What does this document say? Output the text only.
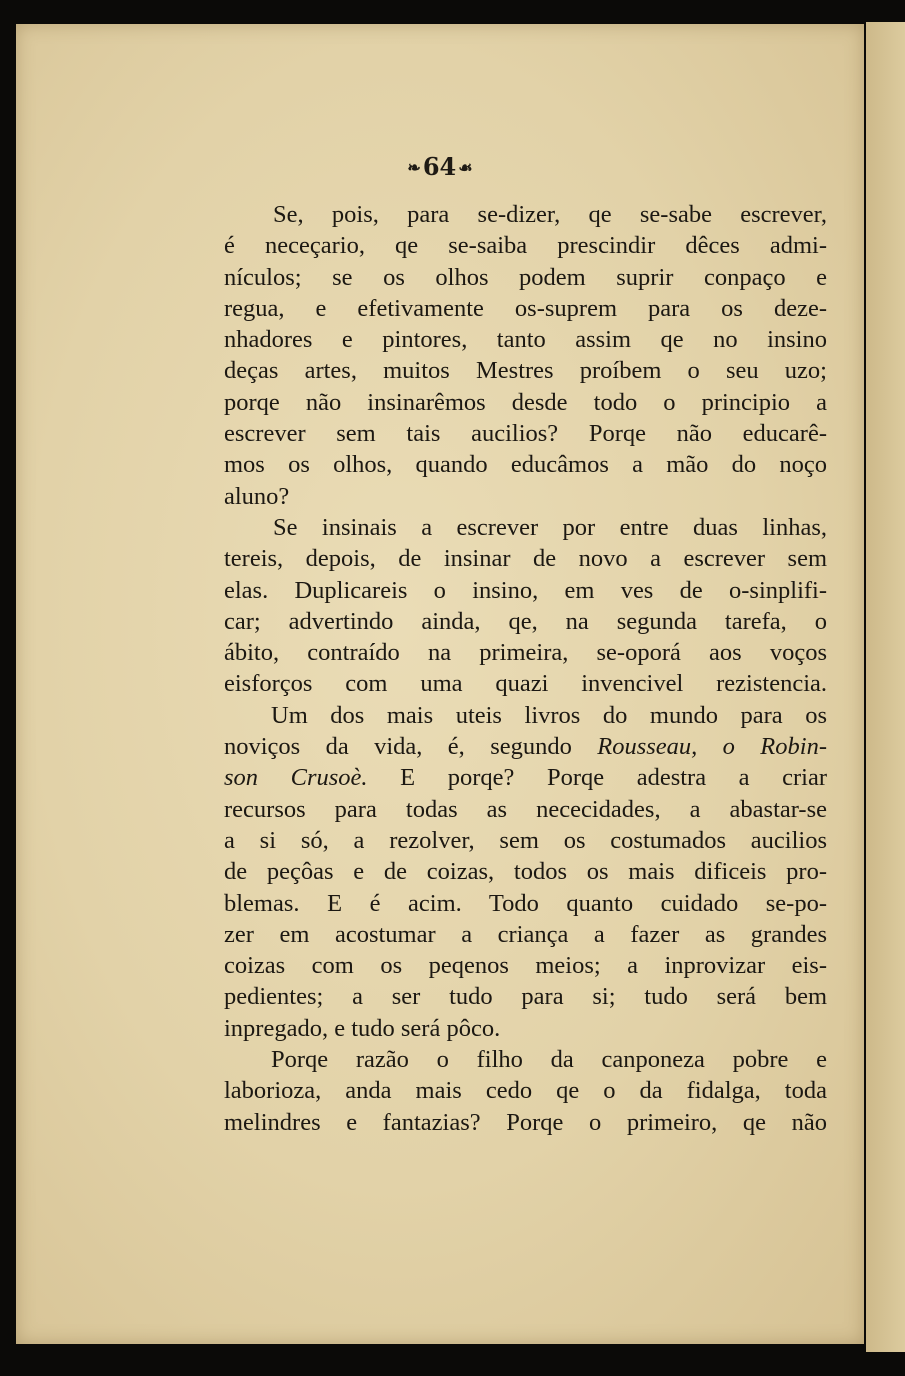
❧64 ☙
Se, pois, para se-dizer, qe se-sabe escrever,
é neceçario, qe se-saiba prescindir dêces admi-
nículos; se os olhos podem suprir conpaço e
regua, e efetivamente os-suprem para os deze-
nhadores e pintores, tanto assim qe no insino
deças artes, muitos Mestres proíbem o seu uzo;
porqe não insinarêmos desde todo o principio a
escrever sem tais aucilios? Porqe não educarê-
mos os olhos, quando educâmos a mão do noço
aluno?
Se insinais a escrever por entre duas linhas,
tereis, depois, de insinar de novo a escrever sem
elas. Duplicareis o insino, em ves de o-sinplifi-
car; advertindo ainda, qe, na segunda tarefa, o
ábito, contraído na primeira, se-oporá aos voços
eisforços com uma quazi invencivel rezistencia.
Um dos mais uteis livros do mundo para os
noviços da vida, é, segundo Rousseau, o Robin-
son Crusoè. E porqe? Porqe adestra a criar
recursos para todas as nececidades, a abastar-se
a si só, a rezolver, sem os costumados aucilios
de peçôas e de coizas, todos os mais dificeis pro-
blemas. E é acim. Todo quanto cuidado se-po-
zer em acostumar a criança a fazer as grandes
coizas com os peqenos meios; a inprovizar eis-
pedientes; a ser tudo para si; tudo será bem
inpregado, e tudo será pôco.
Porqe razão o filho da canponeza pobre e
laborioza, anda mais cedo qe o da fidalga, toda
melindres e fantazias? Porqe o primeiro, qe não
